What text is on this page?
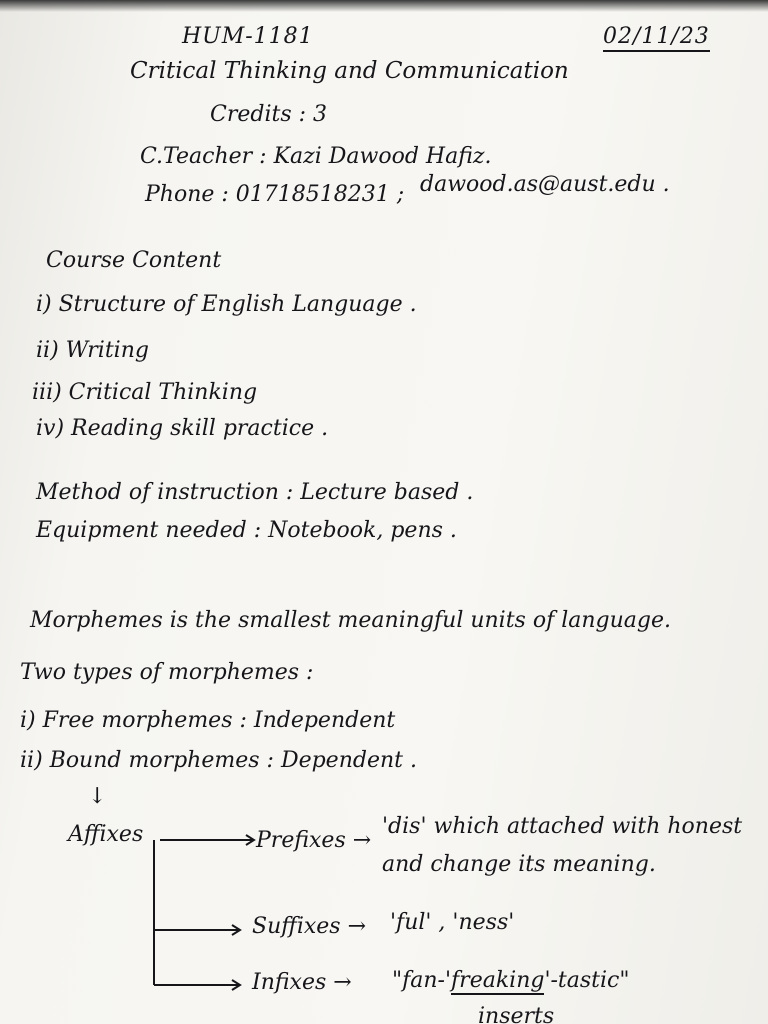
HUM-1181	02/11/23
Critical Thinking and Communication
Credits : 3
C.Teacher : Kazi Dawood Hafiz.
Phone : 01718518231 ; dawood.as@aust.edu .
Course Content
i) Structure of English Language .
ii) Writing
iii) Critical Thinking
iv) Reading skill practice .
Method of instruction : Lecture based .
Equipment needed : Notebook, pens .
Morphemes is the smallest meaningful units of language.
Two types of morphemes :
i) Free morphemes : Independent
ii) Bound morphemes : Dependent .
↓
Affixes	Prefixes →
'dis' which attached with honest
and change its meaning.
Suffixes → 'ful' , 'ness'
Infixes → "fan-'freaking'-tastic"
inserts
